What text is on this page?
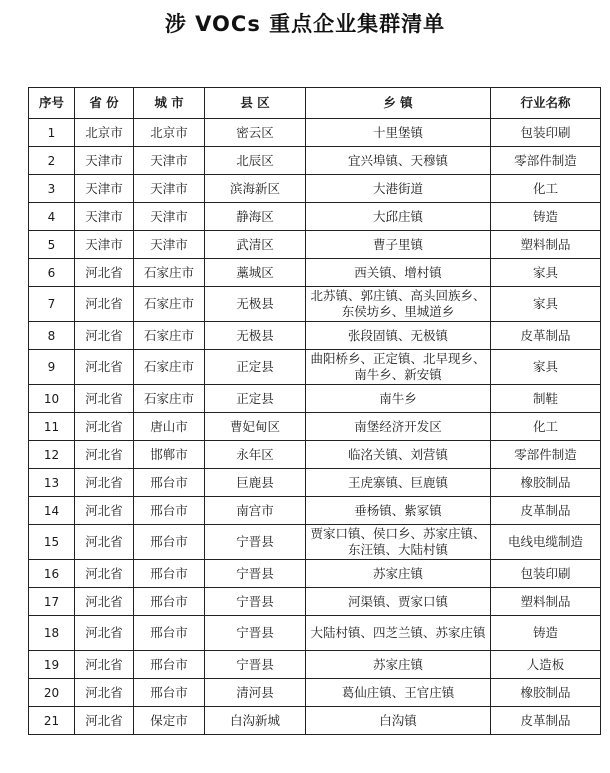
涉 VOCs 重点企业集群清单
序号	省 份	城 市	县 区	乡 镇	行业名称
1	北京市	北京市	密云区	十里堡镇	包装印刷
2	天津市	天津市	北辰区	宜兴埠镇、天穆镇	零部件制造
3	天津市	天津市	滨海新区	大港街道	化工
4	天津市	天津市	静海区	大邱庄镇	铸造
5	天津市	天津市	武清区	曹子里镇	塑料制品
6	河北省	石家庄市	藁城区	西关镇、增村镇	家具
7	河北省	石家庄市	无极县	北苏镇、郭庄镇、高头回族乡、东侯坊乡、里城道乡	家具
8	河北省	石家庄市	无极县	张段固镇、无极镇	皮革制品
9	河北省	石家庄市	正定县	曲阳桥乡、正定镇、北早现乡、南牛乡、新安镇	家具
10	河北省	石家庄市	正定县	南牛乡	制鞋
11	河北省	唐山市	曹妃甸区	南堡经济开发区	化工
12	河北省	邯郸市	永年区	临洺关镇、刘营镇	零部件制造
13	河北省	邢台市	巨鹿县	王虎寨镇、巨鹿镇	橡胶制品
14	河北省	邢台市	南宫市	垂杨镇、紫冢镇	皮革制品
15	河北省	邢台市	宁晋县	贾家口镇、侯口乡、苏家庄镇、东汪镇、大陆村镇	电线电缆制造
16	河北省	邢台市	宁晋县	苏家庄镇	包装印刷
17	河北省	邢台市	宁晋县	河渠镇、贾家口镇	塑料制品
18	河北省	邢台市	宁晋县	大陆村镇、四芝兰镇、苏家庄镇	铸造
19	河北省	邢台市	宁晋县	苏家庄镇	人造板
20	河北省	邢台市	清河县	葛仙庄镇、王官庄镇	橡胶制品
21	河北省	保定市	白沟新城	白沟镇	皮革制品
